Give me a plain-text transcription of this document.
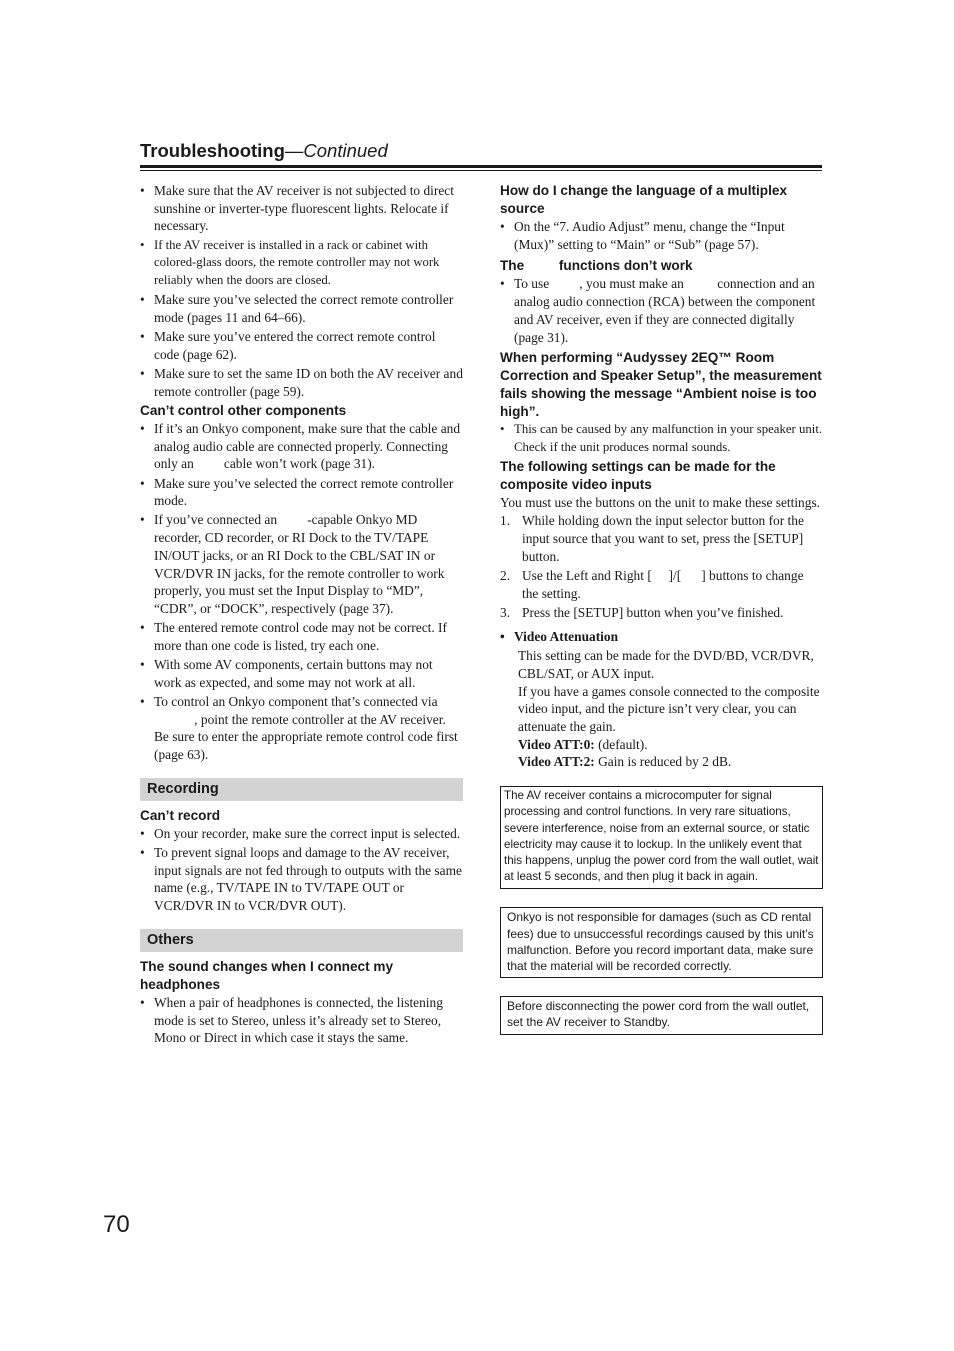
Troubleshooting—Continued
• Make sure that the AV receiver is not subjected to direct sunshine or inverter-type fluorescent lights. Relocate if necessary.
• If the AV receiver is installed in a rack or cabinet with colored-glass doors, the remote controller may not work reliably when the doors are closed.
• Make sure you’ve selected the correct remote controller mode (pages 11 and 64–66).
• Make sure you’ve entered the correct remote control code (page 62).
• Make sure to set the same ID on both the AV receiver and remote controller (page 59).
Can’t control other components
• If it’s an Onkyo component, make sure that the cable and analog audio cable are connected properly. Connecting only an   cable won’t work (page 31).
• Make sure you’ve selected the correct remote controller mode.
• If you’ve connected an   -capable Onkyo MD recorder, CD recorder, or RI Dock to the TV/TAPE IN/OUT jacks, or an RI Dock to the CBL/SAT IN or VCR/DVR IN jacks, for the remote controller to work properly, you must set the Input Display to “MD”, “CDR”, or “DOCK”, respectively (page 37).
• The entered remote control code may not be correct. If more than one code is listed, try each one.
• With some AV components, certain buttons may not work as expected, and some may not work at all.
• To control an Onkyo component that’s connected via    , point the remote controller at the AV receiver. Be sure to enter the appropriate remote control code first (page 63).
Recording
Can’t record
• On your recorder, make sure the correct input is selected.
• To prevent signal loops and damage to the AV receiver, input signals are not fed through to outputs with the same name (e.g., TV/TAPE IN to TV/TAPE OUT or VCR/DVR IN to VCR/DVR OUT).
Others
The sound changes when I connect my headphones
• When a pair of headphones is connected, the listening mode is set to Stereo, unless it’s already set to Stereo, Mono or Direct in which case it stays the same.
How do I change the language of a multiplex source
• On the “7. Audio Adjust” menu, change the “Input (Mux)” setting to “Main” or “Sub” (page 57).
The    functions don’t work
• To use   , you must make an    connection and an analog audio connection (RCA) between the component and AV receiver, even if they are connected digitally (page 31).
When performing “Audyssey 2EQ™ Room Correction and Speaker Setup”, the measurement fails showing the message “Ambient noise is too high”.
• This can be caused by any malfunction in your speaker unit. Check if the unit produces normal sounds.
The following settings can be made for the composite video inputs
You must use the buttons on the unit to make these settings.
1. While holding down the input selector button for the input source that you want to set, press the [SETUP] button.
2. Use the Left and Right [  ]/[   ] buttons to change the setting.
3. Press the [SETUP] button when you’ve finished.
• Video Attenuation
This setting can be made for the DVD/BD, VCR/DVR, CBL/SAT, or AUX input.
If you have a games console connected to the composite video input, and the picture isn’t very clear, you can attenuate the gain.
Video ATT:0: (default).
Video ATT:2: Gain is reduced by 2 dB.
The AV receiver contains a microcomputer for signal processing and control functions. In very rare situations, severe interference, noise from an external source, or static electricity may cause it to lockup. In the unlikely event that this happens, unplug the power cord from the wall outlet, wait at least 5 seconds, and then plug it back in again.
Onkyo is not responsible for damages (such as CD rental fees) due to unsuccessful recordings caused by this unit’s malfunction. Before you record important data, make sure that the material will be recorded correctly.
Before disconnecting the power cord from the wall outlet, set the AV receiver to Standby.
70
